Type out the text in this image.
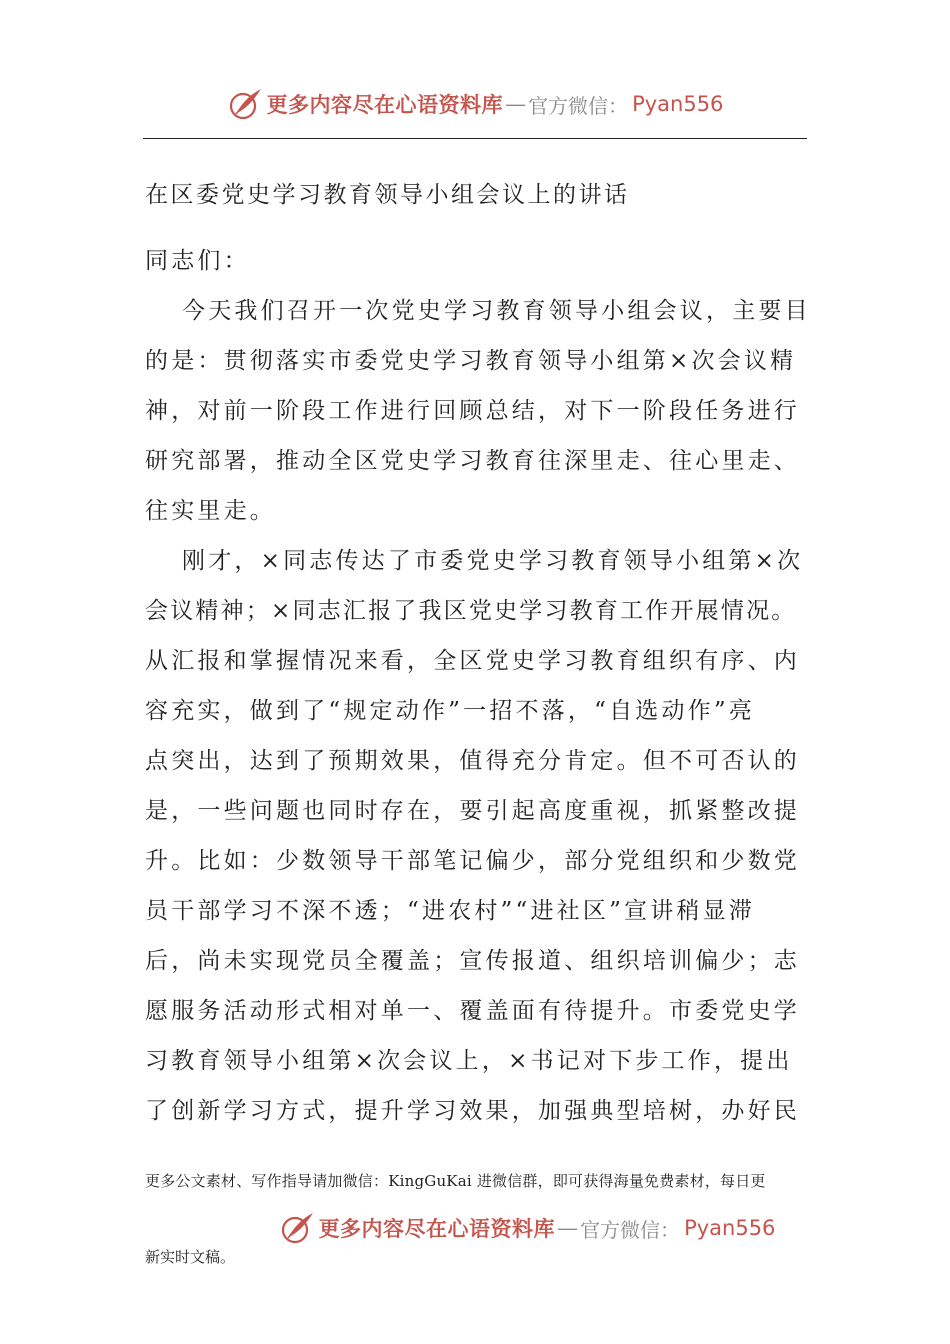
更多内容尽在心语资料库 — 官方微信： Pyan556
在区委党史学习教育领导小组会议上的讲话
同志们：
今天我们召开一次党史学习教育领导小组会议，主要目
的是：贯彻落实市委党史学习教育领导小组第×次会议精
神，对前一阶段工作进行回顾总结，对下一阶段任务进行
研究部署，推动全区党史学习教育往深里走、往心里走、
往实里走。
刚才，×同志传达了市委党史学习教育领导小组第×次
会议精神；×同志汇报了我区党史学习教育工作开展情况。
从汇报和掌握情况来看，全区党史学习教育组织有序、内
容充实，做到了“规定动作”一招不落，“自选动作”亮
点突出，达到了预期效果，值得充分肯定。但不可否认的
是，一些问题也同时存在，要引起高度重视，抓紧整改提
升。比如：少数领导干部笔记偏少，部分党组织和少数党
员干部学习不深不透；“进农村”“进社区”宣讲稍显滞
后，尚未实现党员全覆盖；宣传报道、组织培训偏少；志
愿服务活动形式相对单一、覆盖面有待提升。市委党史学
习教育领导小组第×次会议上，×书记对下步工作，提出
了创新学习方式，提升学习效果，加强典型培树，办好民
更多公文素材、写作指导请加微信：KingGuKai 进微信群，即可获得海量免费素材，每日更
更多内容尽在心语资料库 — 官方微信： Pyan556
新实时文稿。
